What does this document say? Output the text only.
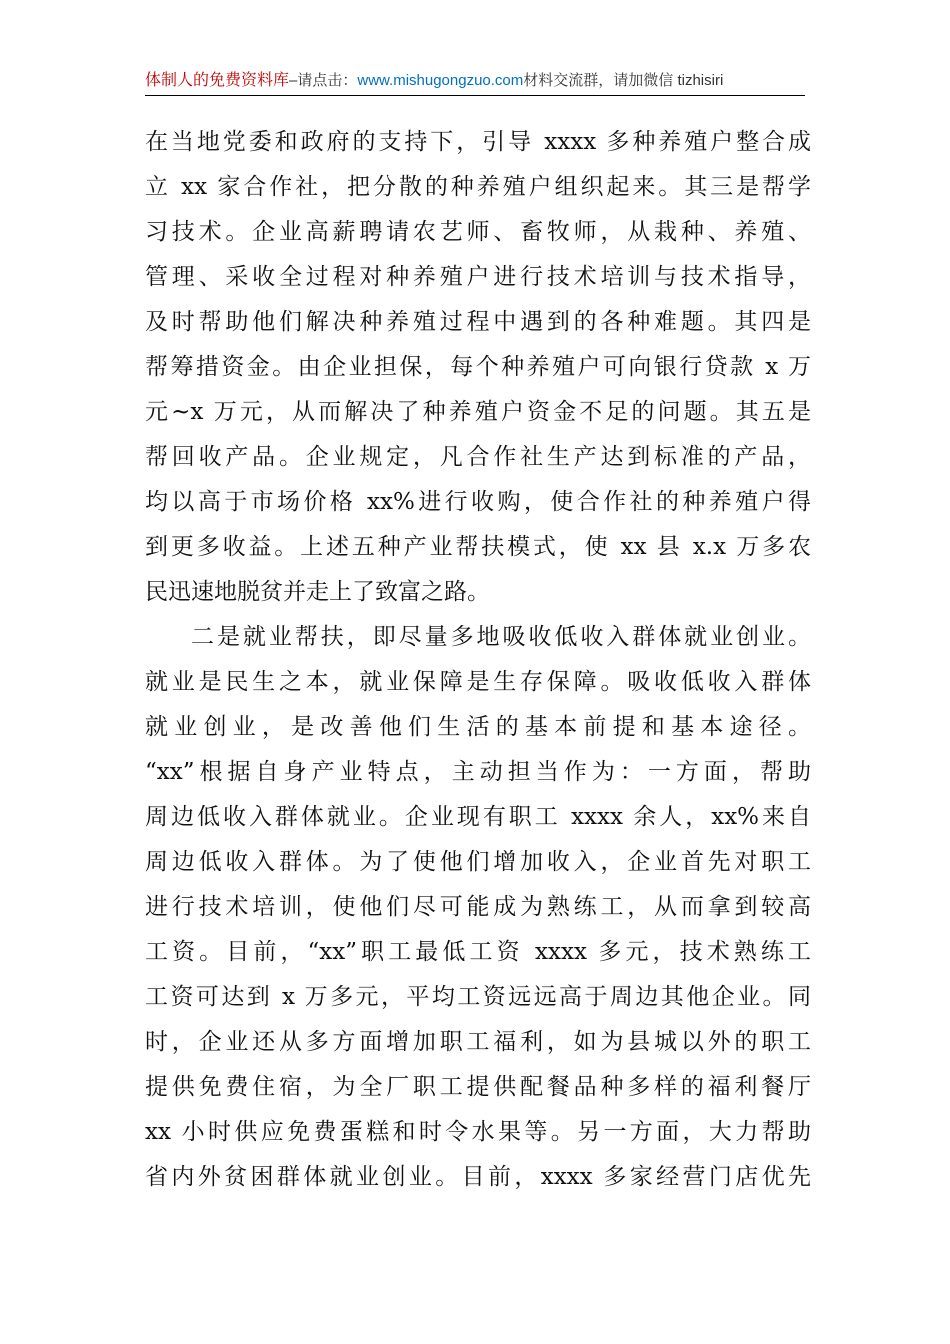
体制人的免费资料库–请点击：www.mishugongzuo.com材料交流群，请加微信 tizhisiri
在当地党委和政府的支持下，引导 xxxx 多种养殖户整合成
立 xx 家合作社，把分散的种养殖户组织起来。其三是帮学
习技术。企业高薪聘请农艺师、畜牧师，从栽种、养殖、
管理、采收全过程对种养殖户进行技术培训与技术指导，
及时帮助他们解决种养殖过程中遇到的各种难题。其四是
帮筹措资金。由企业担保，每个种养殖户可向银行贷款 x 万
元~x 万元，从而解决了种养殖户资金不足的问题。其五是
帮回收产品。企业规定，凡合作社生产达到标准的产品，
均以高于市场价格 xx%进行收购，使合作社的种养殖户得
到更多收益。上述五种产业帮扶模式，使 xx 县 x.x 万多农
民迅速地脱贫并走上了致富之路。
二是就业帮扶，即尽量多地吸收低收入群体就业创业。
就业是民生之本，就业保障是生存保障。吸收低收入群体
就业创业，是改善他们生活的基本前提和基本途径。
“xx”根据自身产业特点，主动担当作为：一方面，帮助
周边低收入群体就业。企业现有职工 xxxx 余人，xx%来自
周边低收入群体。为了使他们增加收入，企业首先对职工
进行技术培训，使他们尽可能成为熟练工，从而拿到较高
工资。目前，“xx”职工最低工资 xxxx 多元，技术熟练工
工资可达到 x 万多元，平均工资远远高于周边其他企业。同
时，企业还从多方面增加职工福利，如为县城以外的职工
提供免费住宿，为全厂职工提供配餐品种多样的福利餐厅
xx 小时供应免费蛋糕和时令水果等。另一方面，大力帮助
省内外贫困群体就业创业。目前，xxxx 多家经营门店优先
